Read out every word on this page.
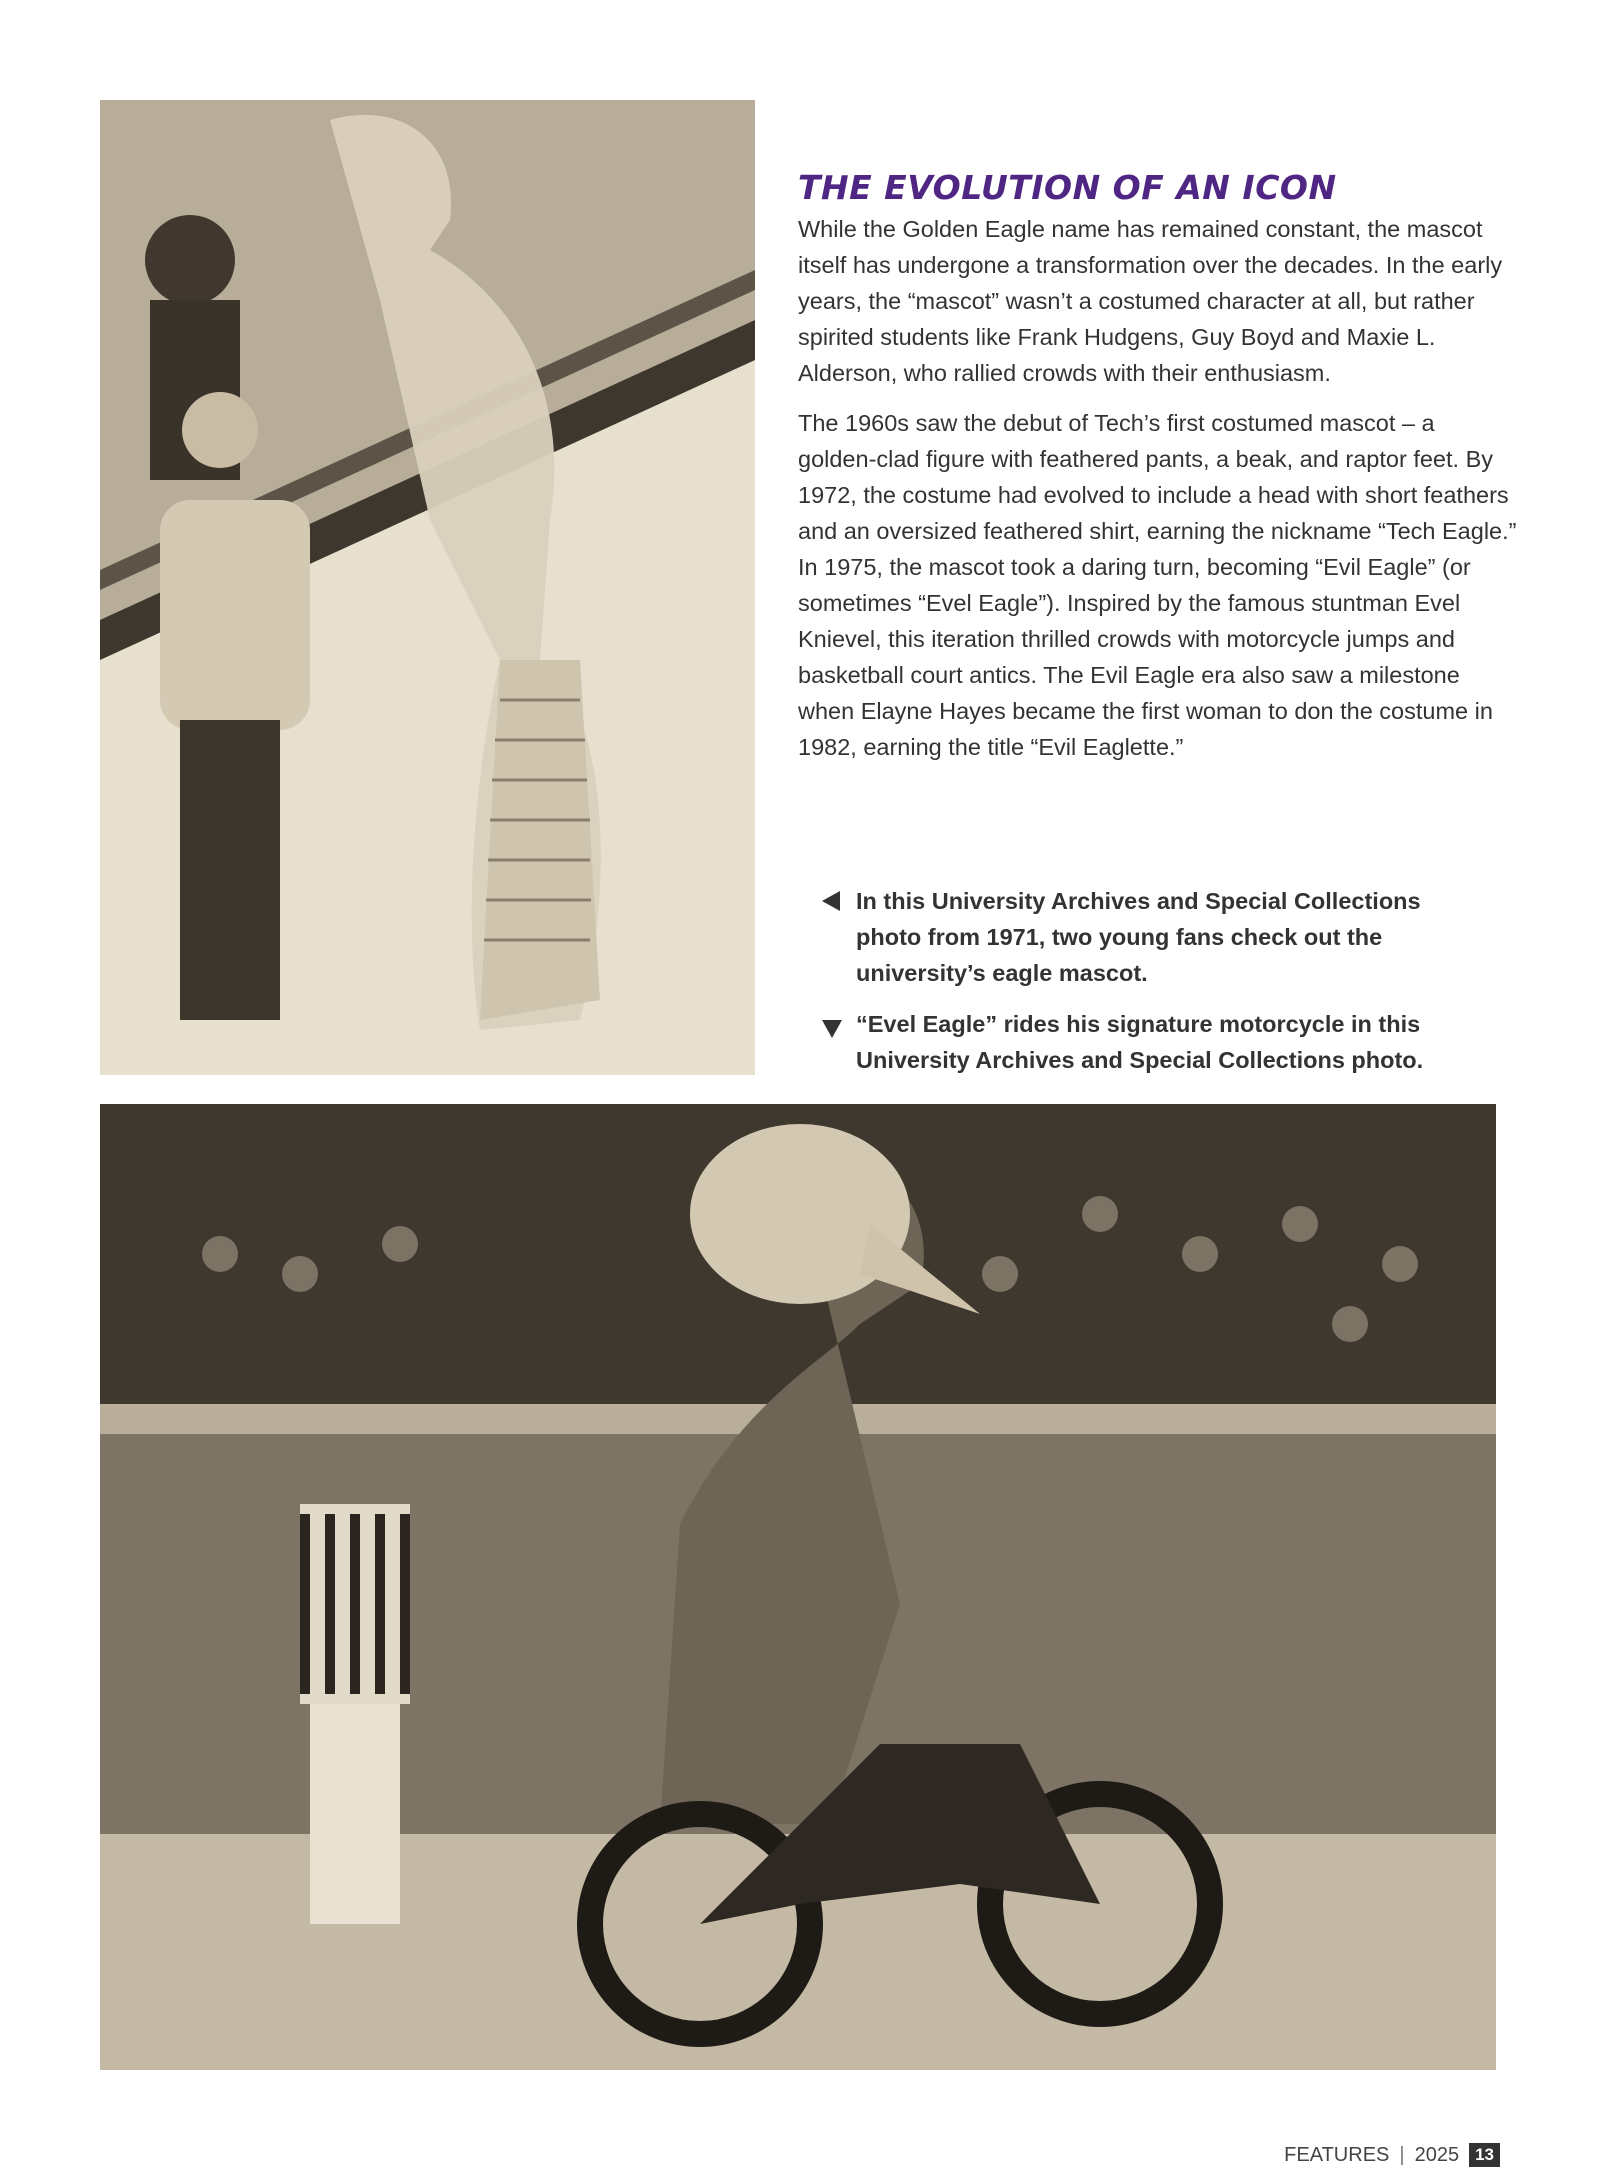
THE EVOLUTION OF AN ICON

While the Golden Eagle name has remained constant, the mascot itself has undergone a transformation over the decades. In the early years, the “mascot” wasn’t a costumed character at all, but rather spirited students like Frank Hudgens, Guy Boyd and Maxie L. Alderson, who rallied crowds with their enthusiasm.

The 1960s saw the debut of Tech’s first costumed mascot – a golden-clad figure with feathered pants, a beak, and raptor feet. By 1972, the costume had evolved to include a head with short feathers and an oversized feathered shirt, earning the nickname “Tech Eagle.” In 1975, the mascot took a daring turn, becoming “Evil Eagle” (or sometimes “Evel Eagle”). Inspired by the famous stuntman Evel Knievel, this iteration thrilled crowds with motorcycle jumps and basketball court antics. The Evil Eagle era also saw a milestone when Elayne Hayes became the first woman to don the costume in 1982, earning the title “Evil Eaglette.”

In this University Archives and Special Collections photo from 1971, two young fans check out the university’s eagle mascot.
“Evel Eagle” rides his signature motorcycle in this University Archives and Special Collections photo.
FEATURES | 2025 13
